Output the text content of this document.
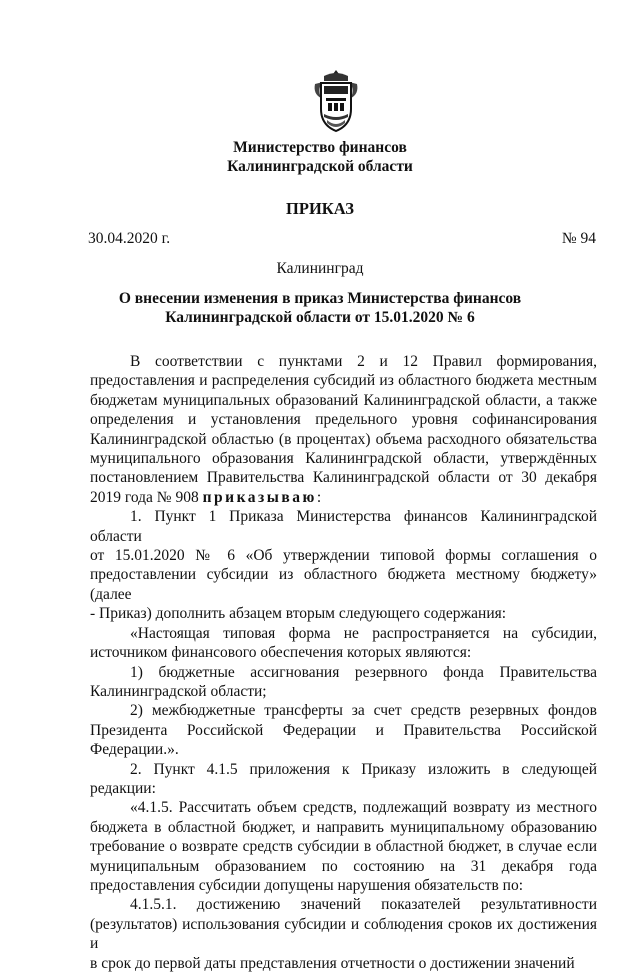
Министерство финансов
Калининградской области
ПРИКАЗ
30.04.2020 г.	№ 94
Калининград
О внесении изменения в приказ Министерства финансов
Калининградской области от 15.01.2020 № 6

В соответствии с пунктами 2 и 12 Правил формирования,

предоставления и распределения субсидий из областного бюджета местным

бюджетам муниципальных образований Калининградской области, а также

определения и установления предельного уровня софинансирования

Калининградской областью (в процентах) объема расходного обязательства

муниципального образования Калининградской области, утверждённых

постановлением Правительства Калининградской области от 30 декабря

2019 года № 908 приказываю:

1. Пункт 1 Приказа Министерства финансов Калининградской области

от 15.01.2020 № 6 «Об утверждении типовой формы соглашения о

предоставлении субсидии из областного бюджета местному бюджету» (далее

- Приказ) дополнить абзацем вторым следующего содержания:

«Настоящая типовая форма не распространяется на субсидии,

источником финансового обеспечения которых являются:

1) бюджетные ассигнования резервного фонда Правительства

Калининградской области;

2) межбюджетные трансферты за счет средств резервных фондов

Президента Российской Федерации и Правительства Российской

Федерации.».

2. Пункт 4.1.5 приложения к Приказу изложить в следующей редакции:

«4.1.5. Рассчитать объем средств, подлежащий возврату из местного

бюджета в областной бюджет, и направить муниципальному образованию

требование о возврате средств субсидии в областной бюджет, в случае если

муниципальным образованием по состоянию на 31 декабря года

предоставления субсидии допущены нарушения обязательств по:

4.1.5.1. достижению значений показателей результативности

(результатов) использования субсидии и соблюдения сроков их достижения и

в срок до первой даты представления отчетности о достижении значений
